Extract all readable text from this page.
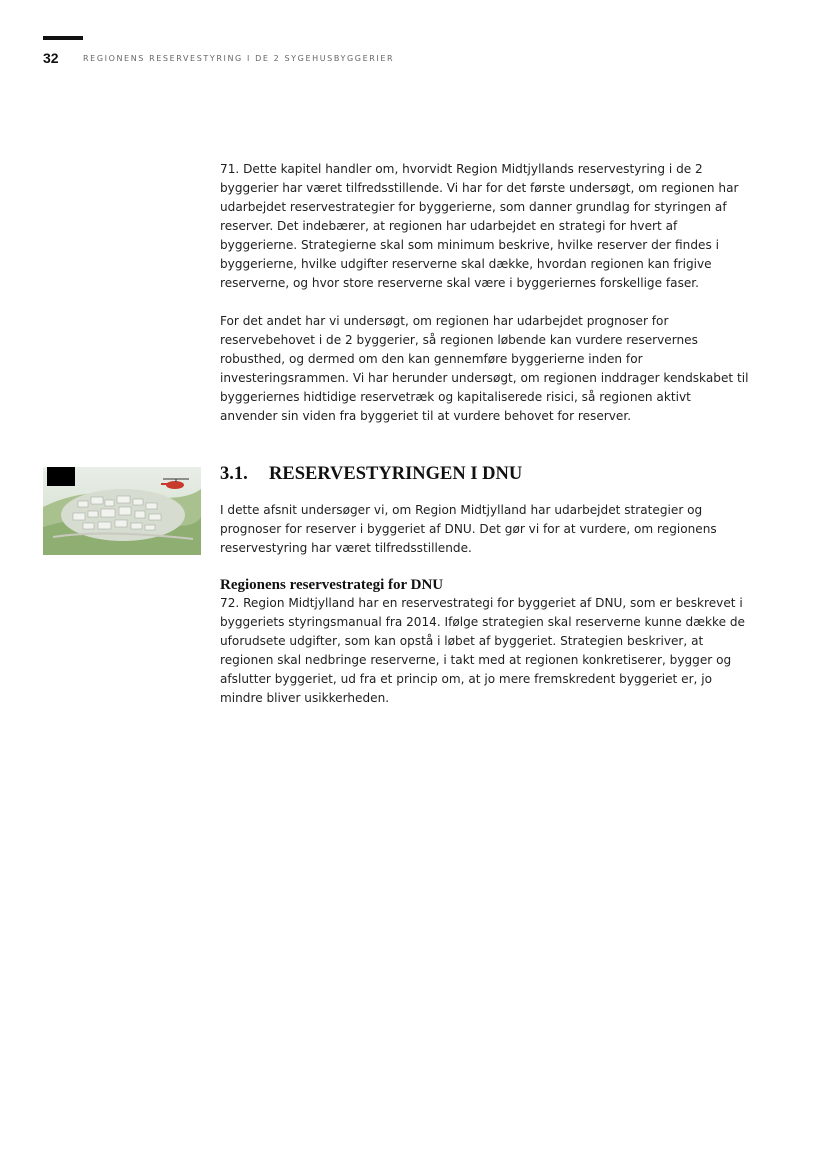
32	REGIONENS RESERVESTYRING I DE 2 SYGEHUSBYGGERIER

71. Dette kapitel handler om, hvorvidt Region Midtjyllands reservestyring i de 2 byggerier har været tilfredsstillende. Vi har for det første undersøgt, om regionen har udarbejdet reservestrategier for byggerierne, som danner grundlag for styringen af reserver. Det indebærer, at regionen har udarbejdet en strategi for hvert af byggerierne. Strategierne skal som minimum beskrive, hvilke reserver der findes i byggerierne, hvilke udgifter reserverne skal dække, hvordan regionen kan frigive reserverne, og hvor store reserverne skal være i byggeriernes forskellige faser.

For det andet har vi undersøgt, om regionen har udarbejdet prognoser for reservebehovet i de 2 byggerier, så regionen løbende kan vurdere reservernes robusthed, og dermed om den kan gennemføre byggerierne inden for investeringsrammen. Vi har herunder undersøgt, om regionen inddrager kendskabet til byggeriernes hidtidige reservetræk og kapitaliserede risici, så regionen aktivt anvender sin viden fra byggeriet til at vurdere behovet for reserver.

3.1.	RESERVESTYRINGEN I DNU

I dette afsnit undersøger vi, om Region Midtjylland har udarbejdet strategier og prognoser for reserver i byggeriet af DNU. Det gør vi for at vurdere, om regionens reservestyring har været tilfredsstillende.

Regionens reservestrategi for DNU

72. Region Midtjylland har en reservestrategi for byggeriet af DNU, som er beskrevet i byggeriets styringsmanual fra 2014. Ifølge strategien skal reserverne kunne dække de uforudsete udgifter, som kan opstå i løbet af byggeriet. Strategien beskriver, at regionen skal nedbringe reserverne, i takt med at regionen konkretiserer, bygger og afslutter byggeriet, ud fra et princip om, at jo mere fremskredent byggeriet er, jo mindre bliver usikkerheden.
